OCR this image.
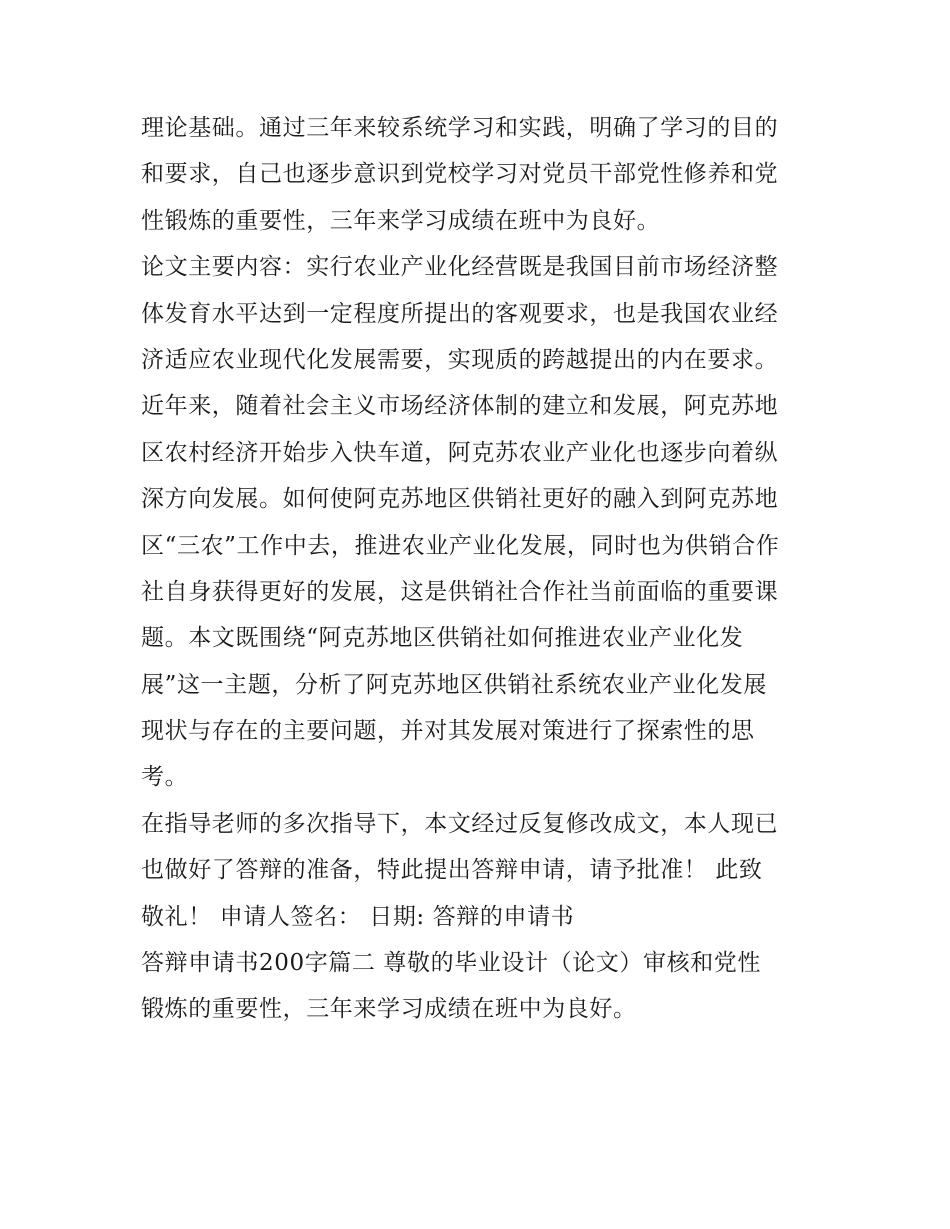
理论基础。通过三年来较系统学习和实践，明确了学习的目的
和要求，自己也逐步意识到党校学习对党员干部党性修养和党
性锻炼的重要性，三年来学习成绩在班中为良好。
论文主要内容：实行农业产业化经营既是我国目前市场经济整
体发育水平达到一定程度所提出的客观要求，也是我国农业经
济适应农业现代化发展需要，实现质的跨越提出的内在要求。
近年来，随着社会主义市场经济体制的建立和发展，阿克苏地
区农村经济开始步入快车道，阿克苏农业产业化也逐步向着纵
深方向发展。如何使阿克苏地区供销社更好的融入到阿克苏地
区“三农”工作中去，推进农业产业化发展，同时也为供销合作
社自身获得更好的发展，这是供销社合作社当前面临的重要课
题。本文既围绕“阿克苏地区供销社如何推进农业产业化发
展”这一主题，分析了阿克苏地区供销社系统农业产业化发展
现状与存在的主要问题，并对其发展对策进行了探索性的思
考。
在指导老师的多次指导下，本文经过反复修改成文，本人现已
也做好了答辩的准备，特此提出答辩申请，请予批准！ 此致
敬礼！ 申请人签名： 日期: 答辩的申请书
答辩申请书200字篇二 尊敬的毕业设计（论文）审核和党性
锻炼的重要性，三年来学习成绩在班中为良好。
